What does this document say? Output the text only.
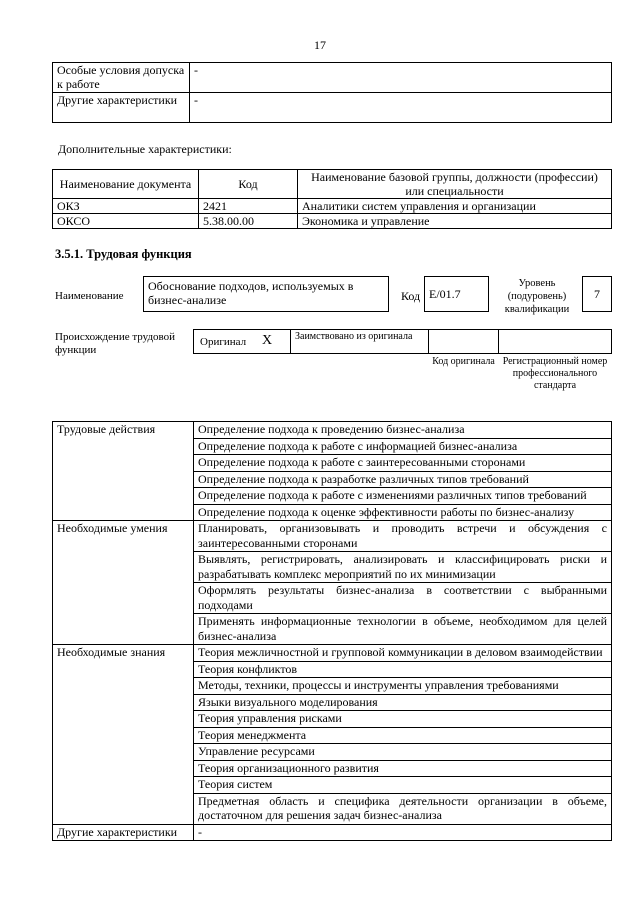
17
Особые условия допуска к работе	-
Другие характеристики	-
Дополнительные характеристики:
Наименование документа	Код	Наименование базовой группы, должности (профессии) или специальности
ОКЗ	2421	Аналитики систем управления и организации
ОКСО	5.38.00.00	Экономика и управление
3.5.1. Трудовая функция
Наименование
Обоснование подходов, используемых в бизнес-анализе	Код E/01.7
Уровень (подуровень) квалификации
7
Происхождение трудовой функции
Оригинал X	Заимствовано из оригинала
Код оригинала Регистрационный номер профессионального стандарта
Трудовые действия	Определение подхода к проведению бизнес-анализа
	Определение подхода к работе с информацией бизнес-анализа
	Определение подхода к работе с заинтересованными сторонами
	Определение подхода к разработке различных типов требований
	Определение подхода к работе с изменениями различных типов требований
	Определение подхода к оценке эффективности работы по бизнес-анализу
Необходимые умения	Планировать, организовывать и проводить встречи и обсуждения с заинтересованными сторонами
	Выявлять, регистрировать, анализировать и классифицировать риски и разрабатывать комплекс мероприятий по их минимизации
	Оформлять результаты бизнес-анализа в соответствии с выбранными подходами
	Применять информационные технологии в объеме, необходимом для целей бизнес-анализа
Необходимые знания	Теория межличностной и групповой коммуникации в деловом взаимодействии
	Теория конфликтов
	Методы, техники, процессы и инструменты управления требованиями
	Языки визуального моделирования
	Теория управления рисками
	Теория менеджмента
	Управление ресурсами
	Теория организационного развития
	Теория систем
	Предметная область и специфика деятельности организации в объеме, достаточном для решения задач бизнес-анализа
Другие характеристики	-
